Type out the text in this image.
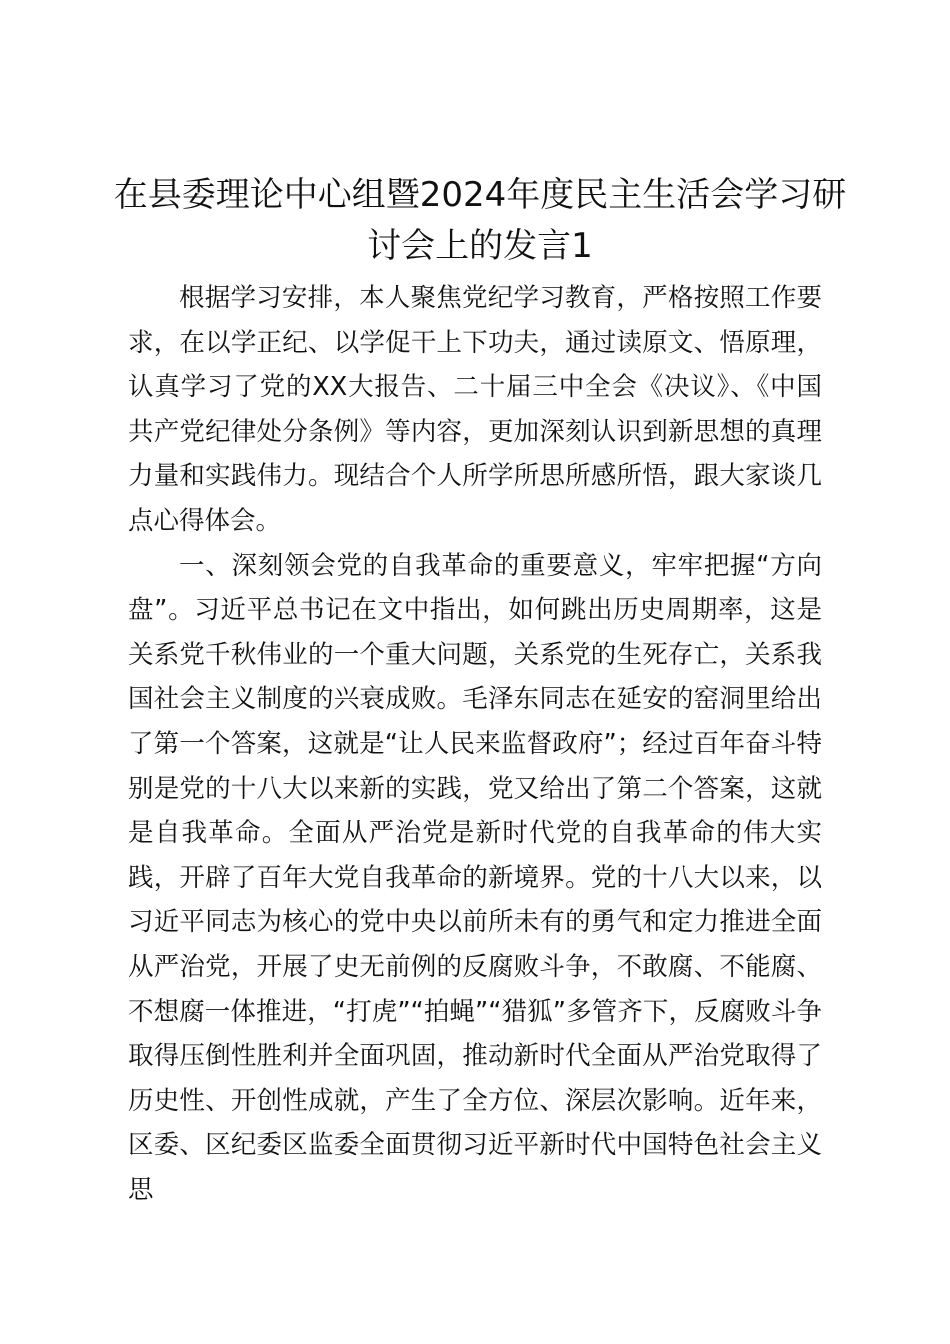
在县委理论中心组暨2024年度民主生活会学习研讨会上的发言1

根据学习安排，本人聚焦党纪学习教育，严格按照工作要求，在以学正纪、以学促干上下功夫，通过读原文、悟原理，认真学习了党的XX大报告、二十届三中全会《决议》、《中国共产党纪律处分条例》等内容，更加深刻认识到新思想的真理力量和实践伟力。现结合个人所学所思所感所悟，跟大家谈几点心得体会。

一、深刻领会党的自我革命的重要意义，牢牢把握“方向盘”。习近平总书记在文中指出，如何跳出历史周期率，这是关系党千秋伟业的一个重大问题，关系党的生死存亡，关系我国社会主义制度的兴衰成败。毛泽东同志在延安的窑洞里给出了第一个答案，这就是“让人民来监督政府”；经过百年奋斗特别是党的十八大以来新的实践，党又给出了第二个答案，这就是自我革命。全面从严治党是新时代党的自我革命的伟大实践，开辟了百年大党自我革命的新境界。党的十八大以来，以习近平同志为核心的党中央以前所未有的勇气和定力推进全面从严治党，开展了史无前例的反腐败斗争，不敢腐、不能腐、不想腐一体推进，“打虎”“拍蝇”“猎狐”多管齐下，反腐败斗争取得压倒性胜利并全面巩固，推动新时代全面从严治党取得了历史性、开创性成就，产生了全方位、深层次影响。近年来，区委、区纪委区监委全面贯彻习近平新时代中国特色社会主义思
